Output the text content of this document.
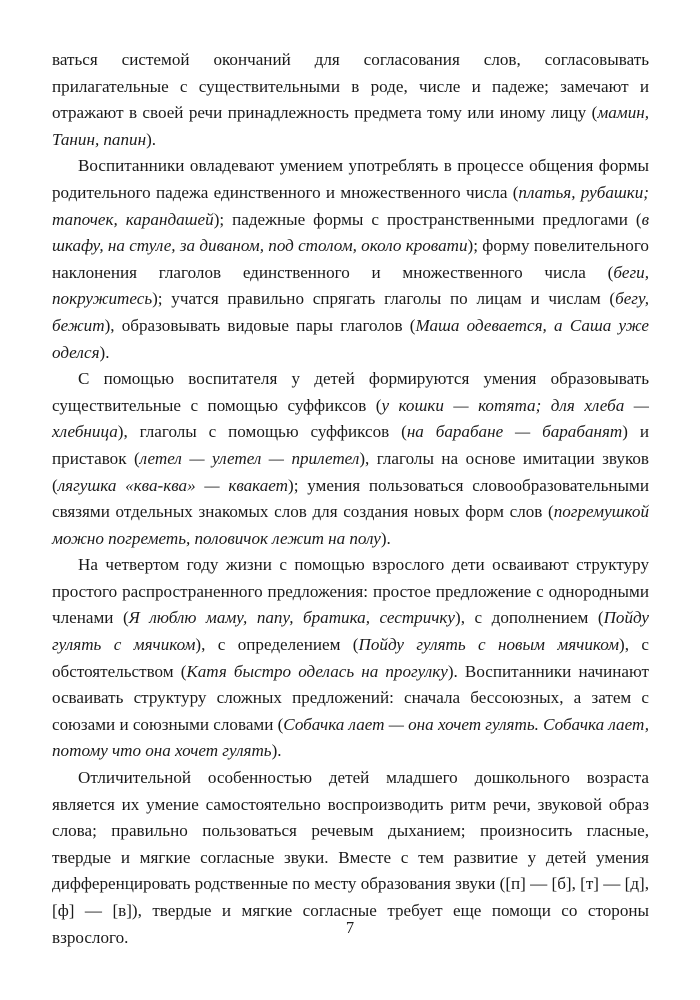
ваться системой окончаний для согласования слов, согласовывать прилагательные с существительными в роде, числе и падеже; замечают и отражают в своей речи принадлежность предмета тому или иному лицу (мамин, Танин, папин).

Воспитанники овладевают умением употреблять в процессе общения формы родительного падежа единственного и множественного числа (платья, рубашки; тапочек, карандашей); падежные формы с пространственными предлогами (в шкафу, на стуле, за диваном, под столом, около кровати); форму повелительного наклонения глаголов единственного и множественного числа (беги, покружитесь); учатся правильно спрягать глаголы по лицам и числам (бегу, бежит), образовывать видовые пары глаголов (Маша одевается, а Саша уже оделся).

С помощью воспитателя у детей формируются умения образовывать существительные с помощью суффиксов (у кошки — котята; для хлеба — хлебница), глаголы с помощью суффиксов (на барабане — барабанят) и приставок (летел — улетел — прилетел), глаголы на основе имитации звуков (лягушка «ква-ква» — квакает); умения пользоваться словообразовательными связями отдельных знакомых слов для создания новых форм слов (погремушкой можно погреметь, половичок лежит на полу).

На четвертом году жизни с помощью взрослого дети осваивают структуру простого распространенного предложения: простое предложение с однородными членами (Я люблю маму, папу, братика, сестричку), с дополнением (Пойду гулять с мячиком), с определением (Пойду гулять с новым мячиком), с обстоятельством (Катя быстро оделась на прогулку). Воспитанники начинают осваивать структуру сложных предложений: сначала бессоюзных, а затем с союзами и союзными словами (Собачка лает — она хочет гулять. Собачка лает, потому что она хочет гулять).

Отличительной особенностью детей младшего дошкольного возраста является их умение самостоятельно воспроизводить ритм речи, звуковой образ слова; правильно пользоваться речевым дыханием; произносить гласные, твердые и мягкие согласные звуки. Вместе с тем развитие у детей умения дифференцировать родственные по месту образования звуки ([п] — [б], [т] — [д], [ф] — [в]), твердые и мягкие согласные требует еще помощи со стороны взрослого.

7
